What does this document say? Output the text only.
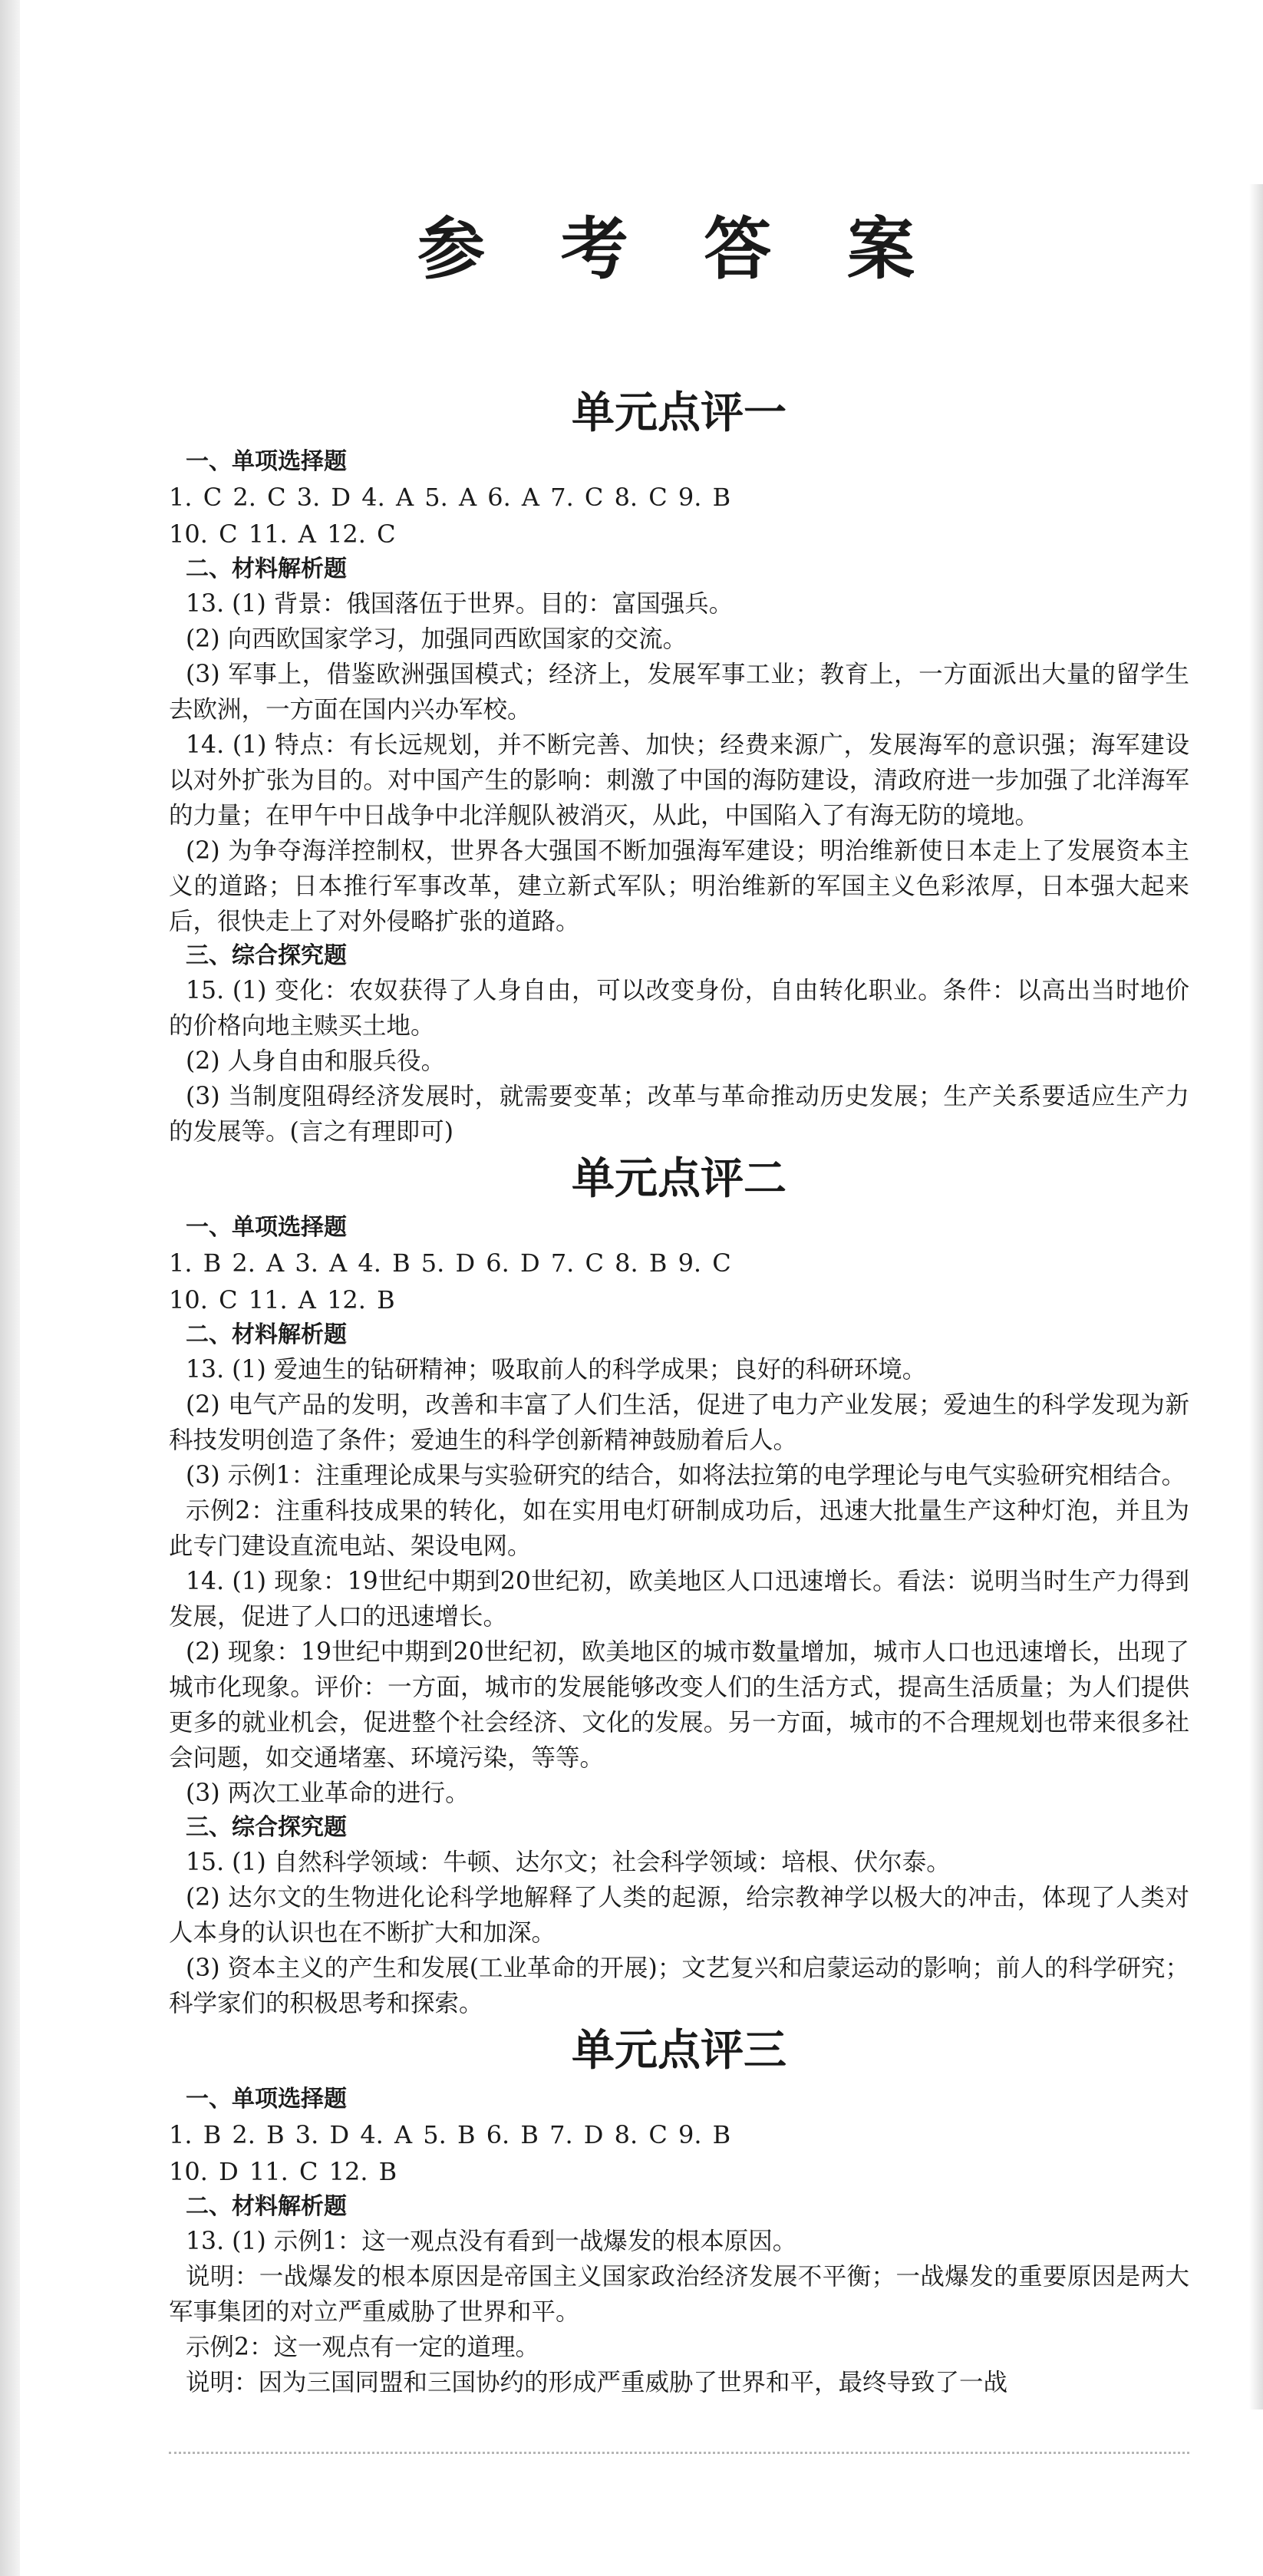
参 考 答 案
单元点评一
一、单项选择题

1. C 2. C 3. D 4. A 5. A 6. A 7. C 8. C 9. B

10. C 11. A 12. C

二、材料解析题

13. (1) 背景：俄国落伍于世界。目的：富国强兵。

(2) 向西欧国家学习，加强同西欧国家的交流。

(3) 军事上，借鉴欧洲强国模式；经济上，发展军事工业；教育上，一方面派出大量的留学生去欧洲，一方面在国内兴办军校。

14. (1) 特点：有长远规划，并不断完善、加快；经费来源广，发展海军的意识强；海军建设以对外扩张为目的。对中国产生的影响：刺激了中国的海防建设，清政府进一步加强了北洋海军的力量；在甲午中日战争中北洋舰队被消灭，从此，中国陷入了有海无防的境地。

(2) 为争夺海洋控制权，世界各大强国不断加强海军建设；明治维新使日本走上了发展资本主义的道路；日本推行军事改革，建立新式军队；明治维新的军国主义色彩浓厚，日本强大起来后，很快走上了对外侵略扩张的道路。

三、综合探究题

15. (1) 变化：农奴获得了人身自由，可以改变身份，自由转化职业。条件：以高出当时地价的价格向地主赎买土地。

(2) 人身自由和服兵役。

(3) 当制度阻碍经济发展时，就需要变革；改革与革命推动历史发展；生产关系要适应生产力的发展等。(言之有理即可)

单元点评二
一、单项选择题

1. B 2. A 3. A 4. B 5. D 6. D 7. C 8. B 9. C

10. C 11. A 12. B

二、材料解析题

13. (1) 爱迪生的钻研精神；吸取前人的科学成果；良好的科研环境。

(2) 电气产品的发明，改善和丰富了人们生活，促进了电力产业发展；爱迪生的科学发现为新科技发明创造了条件；爱迪生的科学创新精神鼓励着后人。

(3) 示例1：注重理论成果与实验研究的结合，如将法拉第的电学理论与电气实验研究相结合。

示例2：注重科技成果的转化，如在实用电灯研制成功后，迅速大批量生产这种灯泡，并且为此专门建设直流电站、架设电网。

14. (1) 现象：19世纪中期到20世纪初，欧美地区人口迅速增长。看法：说明当时生产力得到发展，促进了人口的迅速增长。

(2) 现象：19世纪中期到20世纪初，欧美地区的城市数量增加，城市人口也迅速增长，出现了城市化现象。评价：一方面，城市的发展能够改变人们的生活方式，提高生活质量；为人们提供更多的就业机会，促进整个社会经济、文化的发展。另一方面，城市的不合理规划也带来很多社会问题，如交通堵塞、环境污染，等等。

(3) 两次工业革命的进行。

三、综合探究题

15. (1) 自然科学领域：牛顿、达尔文；社会科学领域：培根、伏尔泰。

(2) 达尔文的生物进化论科学地解释了人类的起源，给宗教神学以极大的冲击，体现了人类对人本身的认识也在不断扩大和加深。

(3) 资本主义的产生和发展(工业革命的开展)；文艺复兴和启蒙运动的影响；前人的科学研究；科学家们的积极思考和探索。

单元点评三
一、单项选择题

1. B 2. B 3. D 4. A 5. B 6. B 7. D 8. C 9. B

10. D 11. C 12. B

二、材料解析题

13. (1) 示例1：这一观点没有看到一战爆发的根本原因。

说明：一战爆发的根本原因是帝国主义国家政治经济发展不平衡；一战爆发的重要原因是两大军事集团的对立严重威胁了世界和平。

示例2：这一观点有一定的道理。

说明：因为三国同盟和三国协约的形成严重威胁了世界和平，最终导致了一战
